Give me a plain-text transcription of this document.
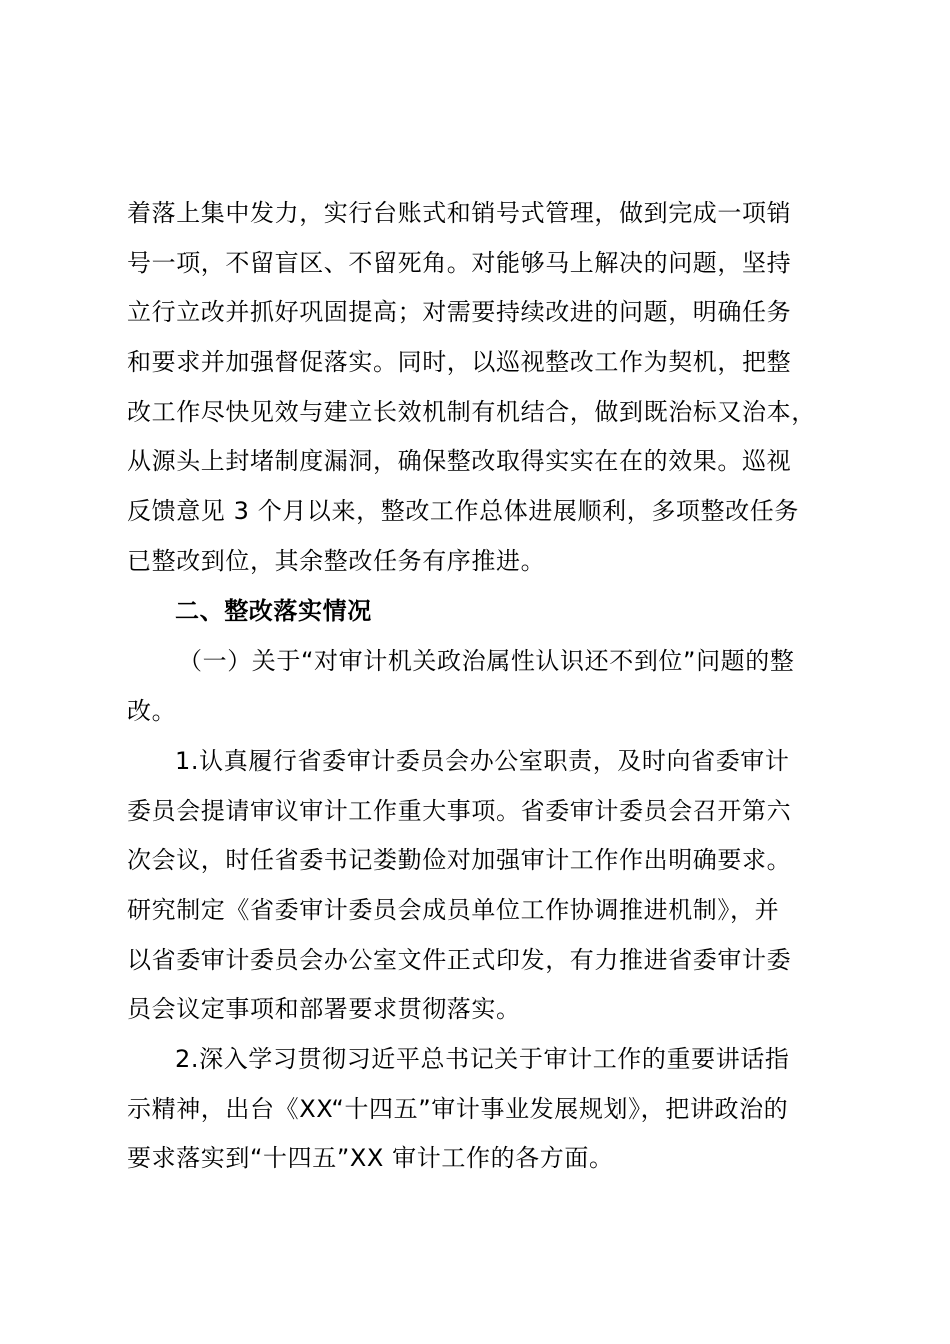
着落上集中发力，实行台账式和销号式管理，做到完成一项销
号一项，不留盲区、不留死角。对能够马上解决的问题，坚持
立行立改并抓好巩固提高；对需要持续改进的问题，明确任务
和要求并加强督促落实。同时，以巡视整改工作为契机，把整
改工作尽快见效与建立长效机制有机结合，做到既治标又治本，
从源头上封堵制度漏洞，确保整改取得实实在在的效果。巡视
反馈意见 3 个月以来，整改工作总体进展顺利，多项整改任务
已整改到位，其余整改任务有序推进。
二、整改落实情况
（一）关于“对审计机关政治属性认识还不到位”问题的整
改。
1.认真履行省委审计委员会办公室职责，及时向省委审计
委员会提请审议审计工作重大事项。省委审计委员会召开第六
次会议，时任省委书记娄勤俭对加强审计工作作出明确要求。
研究制定《省委审计委员会成员单位工作协调推进机制》，并
以省委审计委员会办公室文件正式印发，有力推进省委审计委
员会议定事项和部署要求贯彻落实。
2.深入学习贯彻习近平总书记关于审计工作的重要讲话指
示精神，出台《XX“十四五”审计事业发展规划》，把讲政治的
要求落实到“十四五”XX 审计工作的各方面。
